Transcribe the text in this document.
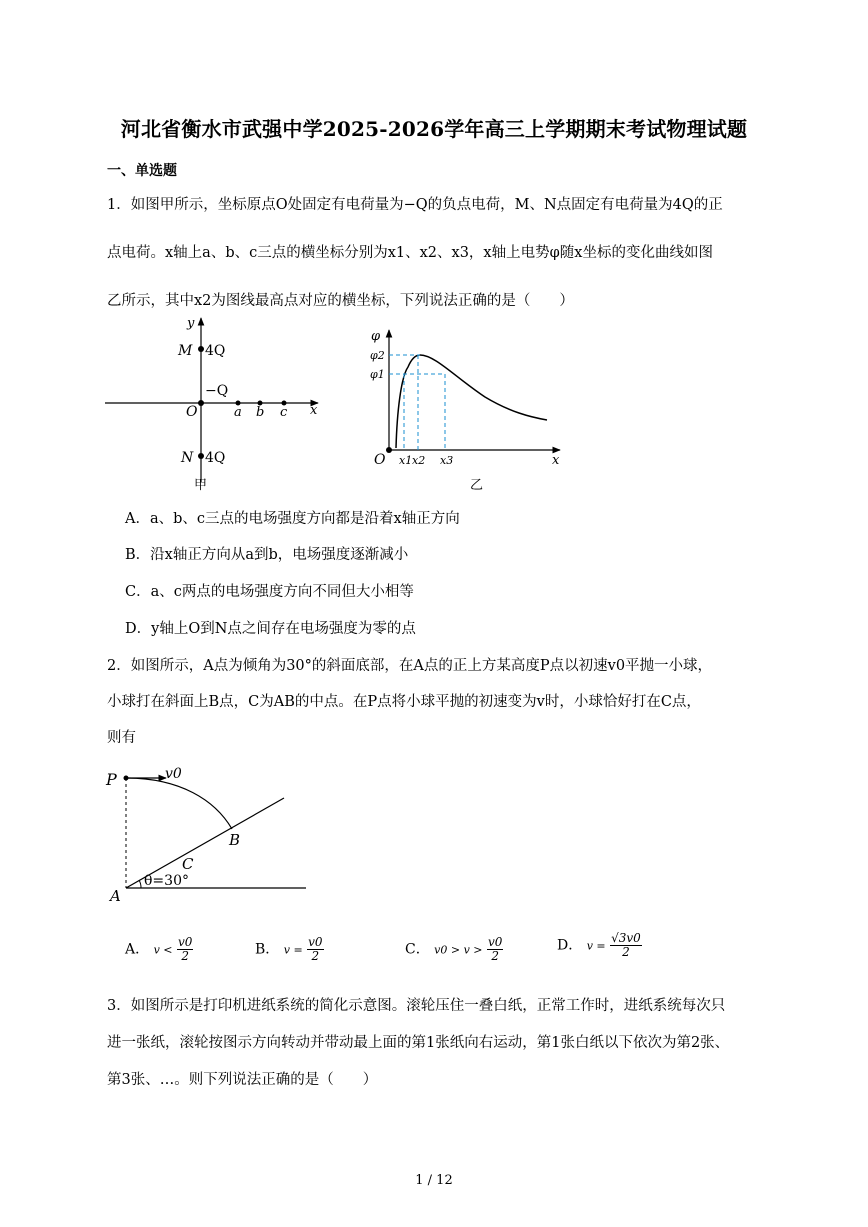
河北省衡水市武强中学2025-2026学年高三上学期期末考试物理试题
一、单选题
1．如图甲所示，坐标原点O处固定有电荷量为−Q的负点电荷，M、N点固定有电荷量为4Q的正
点电荷。x轴上a、b、c三点的横坐标分别为x1、x2、x3，x轴上电势φ随x坐标的变化曲线如图
乙所示，其中x2为图线最高点对应的横坐标，下列说法正确的是（　　）
y
x
M 4Q
−Q
O	a b c
N 4Q
甲
φ
φ2
φ1
O x1 x2 x3	x
乙
A．a、b、c三点的电场强度方向都是沿着x轴正方向
B．沿x轴正方向从a到b，电场强度逐渐减小
C．a、c两点的电场强度方向不同但大小相等
D．y轴上O到N点之间存在电场强度为零的点
2．如图所示，A点为倾角为30°的斜面底部，在A点的正上方某高度P点以初速v0平抛一小球，
小球打在斜面上B点，C为AB的中点。在P点将小球平抛的初速变为v时，小球恰好打在C点，
则有
P	v0
B
C
θ=30°
A
A． $v < \frac{v0}{2}$	B． $v = \frac{v0}{2}$	C． $v0 > v > \frac{v0}{2}$	D． $v = \frac{√3v0}{2}$
3．如图所示是打印机进纸系统的简化示意图。滚轮压住一叠白纸，正常工作时，进纸系统每次只
进一张纸，滚轮按图示方向转动并带动最上面的第1张纸向右运动，第1张白纸以下依次为第2张、
第3张、…。则下列说法正确的是（　　）
1 / 12
